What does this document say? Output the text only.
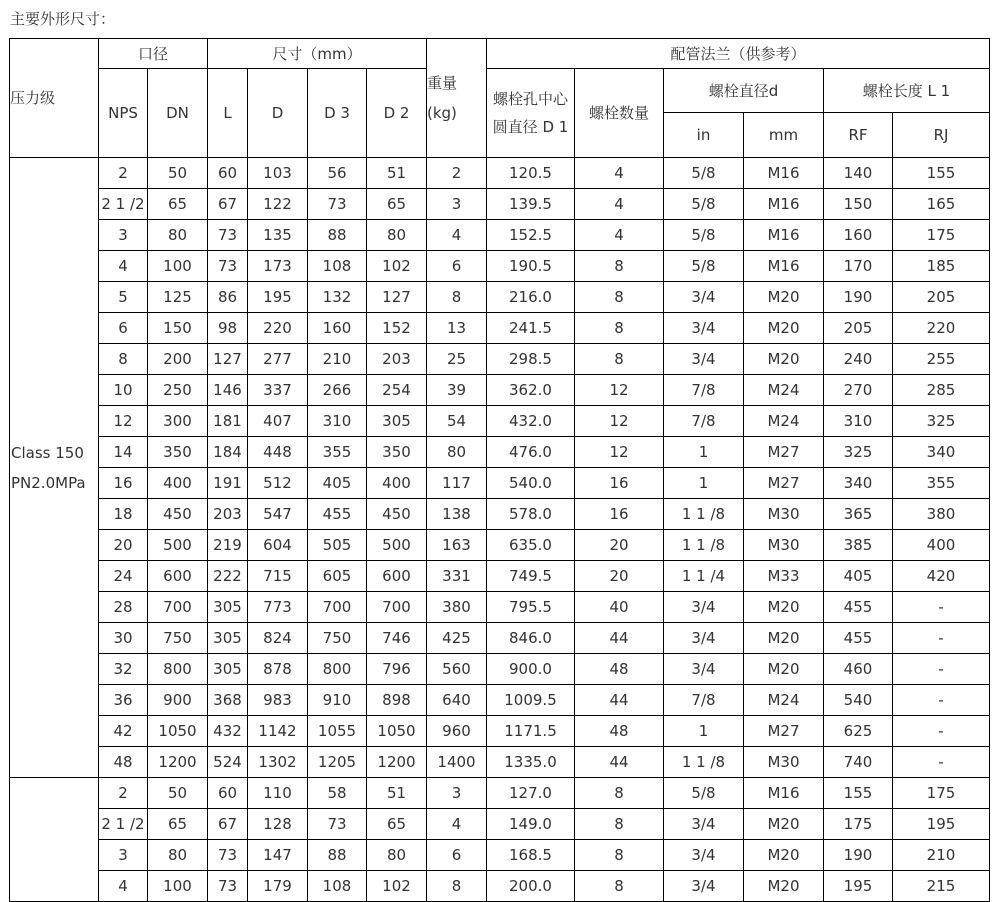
主要外形尺寸：
压力级	口径		尺寸（mm）				重量 (kg)	配管法兰（供参考）					
	NPS	DN	L	D	D 3	D 2		螺栓孔中心圆直径 D 1	螺栓数量	螺栓直径d		螺栓长度 L 1	
										in	mm	RF	RJ

Class 150
PN2.0MPa	2	50	60	103	56	51	2	120.5	4	5/8	M16	140	155
	2 1 /2	65	67	122	73	65	3	139.5	4	5/8	M16	150	165
	3	80	73	135	88	80	4	152.5	4	5/8	M16	160	175
	4	100	73	173	108	102	6	190.5	8	5/8	M16	170	185
	5	125	86	195	132	127	8	216.0	8	3/4	M20	190	205
	6	150	98	220	160	152	13	241.5	8	3/4	M20	205	220
	8	200	127	277	210	203	25	298.5	8	3/4	M20	240	255
	10	250	146	337	266	254	39	362.0	12	7/8	M24	270	285
	12	300	181	407	310	305	54	432.0	12	7/8	M24	310	325
	14	350	184	448	355	350	80	476.0	12	1	M27	325	340
	16	400	191	512	405	400	117	540.0	16	1	M27	340	355
	18	450	203	547	455	450	138	578.0	16	1 1 /8	M30	365	380
	20	500	219	604	505	500	163	635.0	20	1 1 /8	M30	385	400
	24	600	222	715	605	600	331	749.5	20	1 1 /4	M33	405	420
	28	700	305	773	700	700	380	795.5	40	3/4	M20	455	-
	30	750	305	824	750	746	425	846.0	44	3/4	M20	455	-
	32	800	305	878	800	796	560	900.0	48	3/4	M20	460	-
	36	900	368	983	910	898	640	1009.5	44	7/8	M24	540	-
	42	1050	432	1142	1055	1050	960	1171.5	48	1	M27	625	-
	48	1200	524	1302	1205	1200	1400	1335.0	44	1 1 /8	M30	740	-

	2	50	60	110	58	51	3	127.0	8	5/8	M16	155	175
	2 1 /2	65	67	128	73	65	4	149.0	8	3/4	M20	175	195
	3	80	73	147	88	80	6	168.5	8	3/4	M20	190	210
	4	100	73	179	108	102	8	200.0	8	3/4	M20	195	215
